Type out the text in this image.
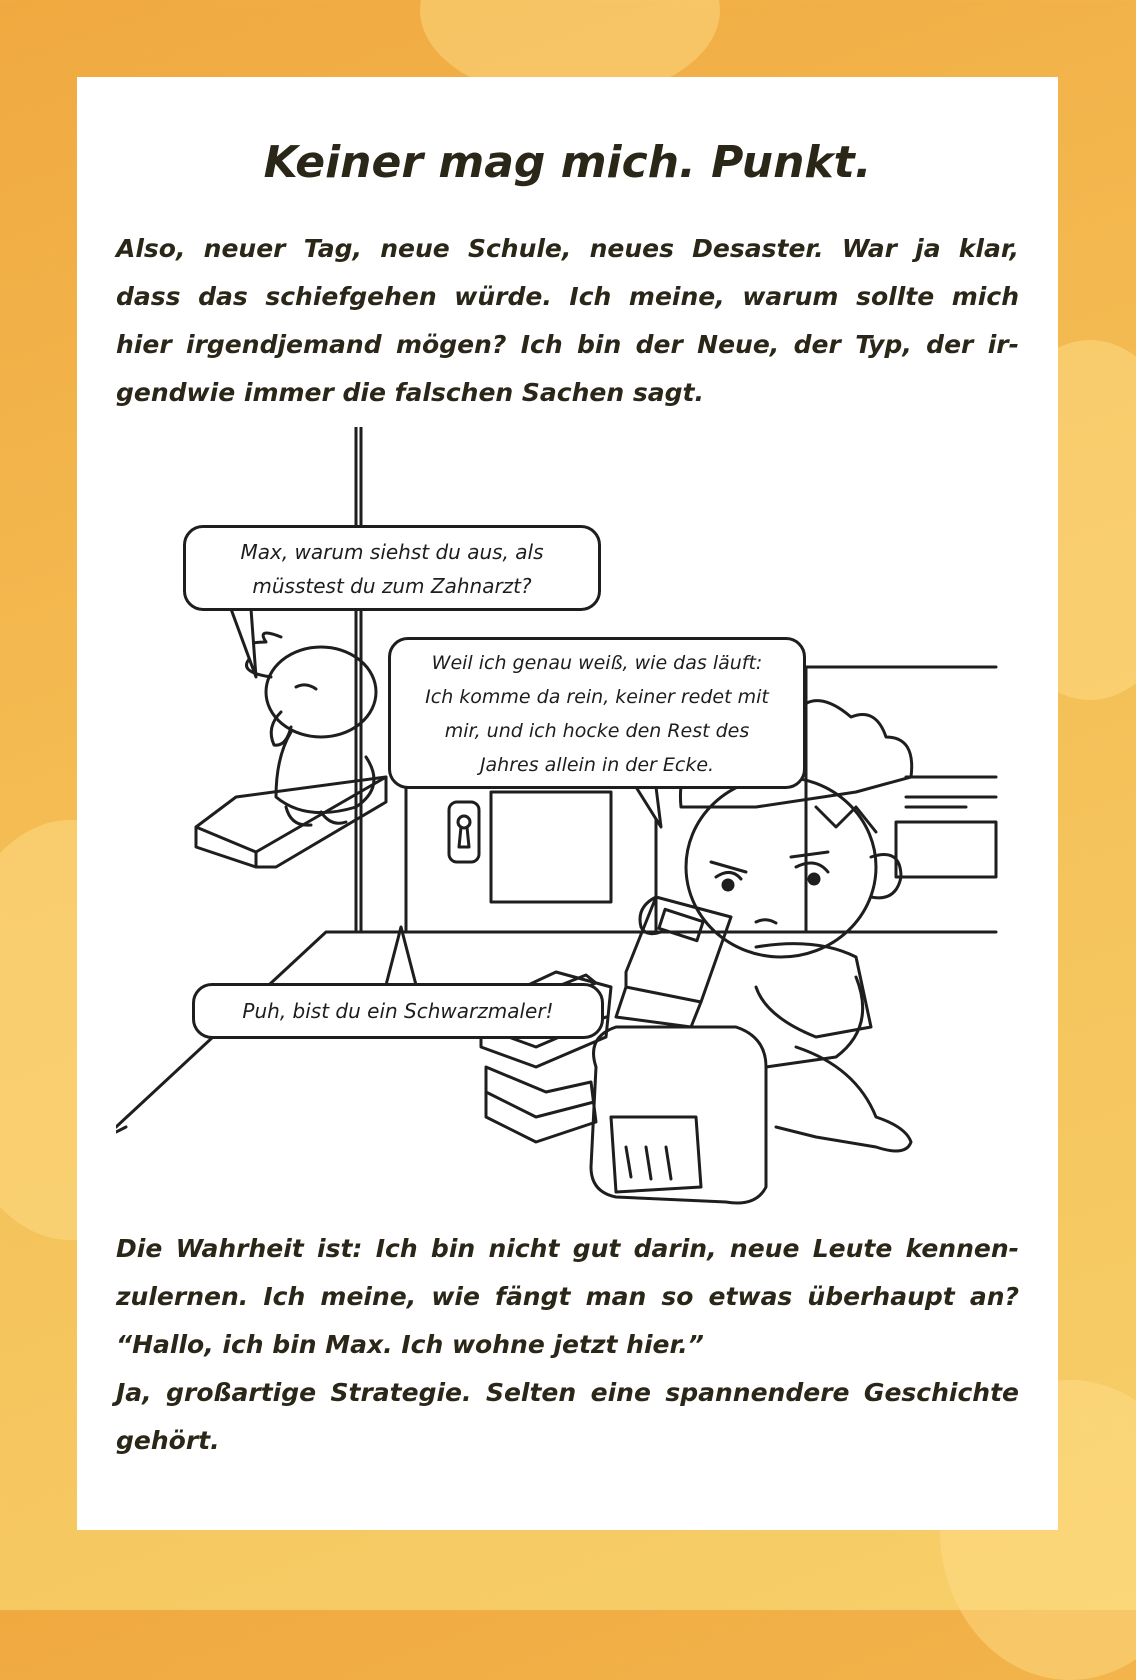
Keiner mag mich. Punkt.

Also, neuer Tag, neue Schule, neues Desaster. War ja klar,
dass das schiefgehen würde. Ich meine, warum sollte mich
hier irgendjemand mögen? Ich bin der Neue, der Typ, der ir-
gendwie immer die falschen Sachen sagt.

Max, warum siehst du aus, als
müsstest du zum Zahnarzt?
Weil ich genau weiß, wie das läuft:
Ich komme da rein, keiner redet mit
mir, und ich hocke den Rest des
Jahres allein in der Ecke.
Puh, bist du ein Schwarzmaler!

Die Wahrheit ist: Ich bin nicht gut darin, neue Leute kennen-
zulernen. Ich meine, wie fängt man so etwas überhaupt an?
“Hallo, ich bin Max. Ich wohne jetzt hier.”
Ja, großartige Strategie. Selten eine spannendere Geschichte
gehört.
